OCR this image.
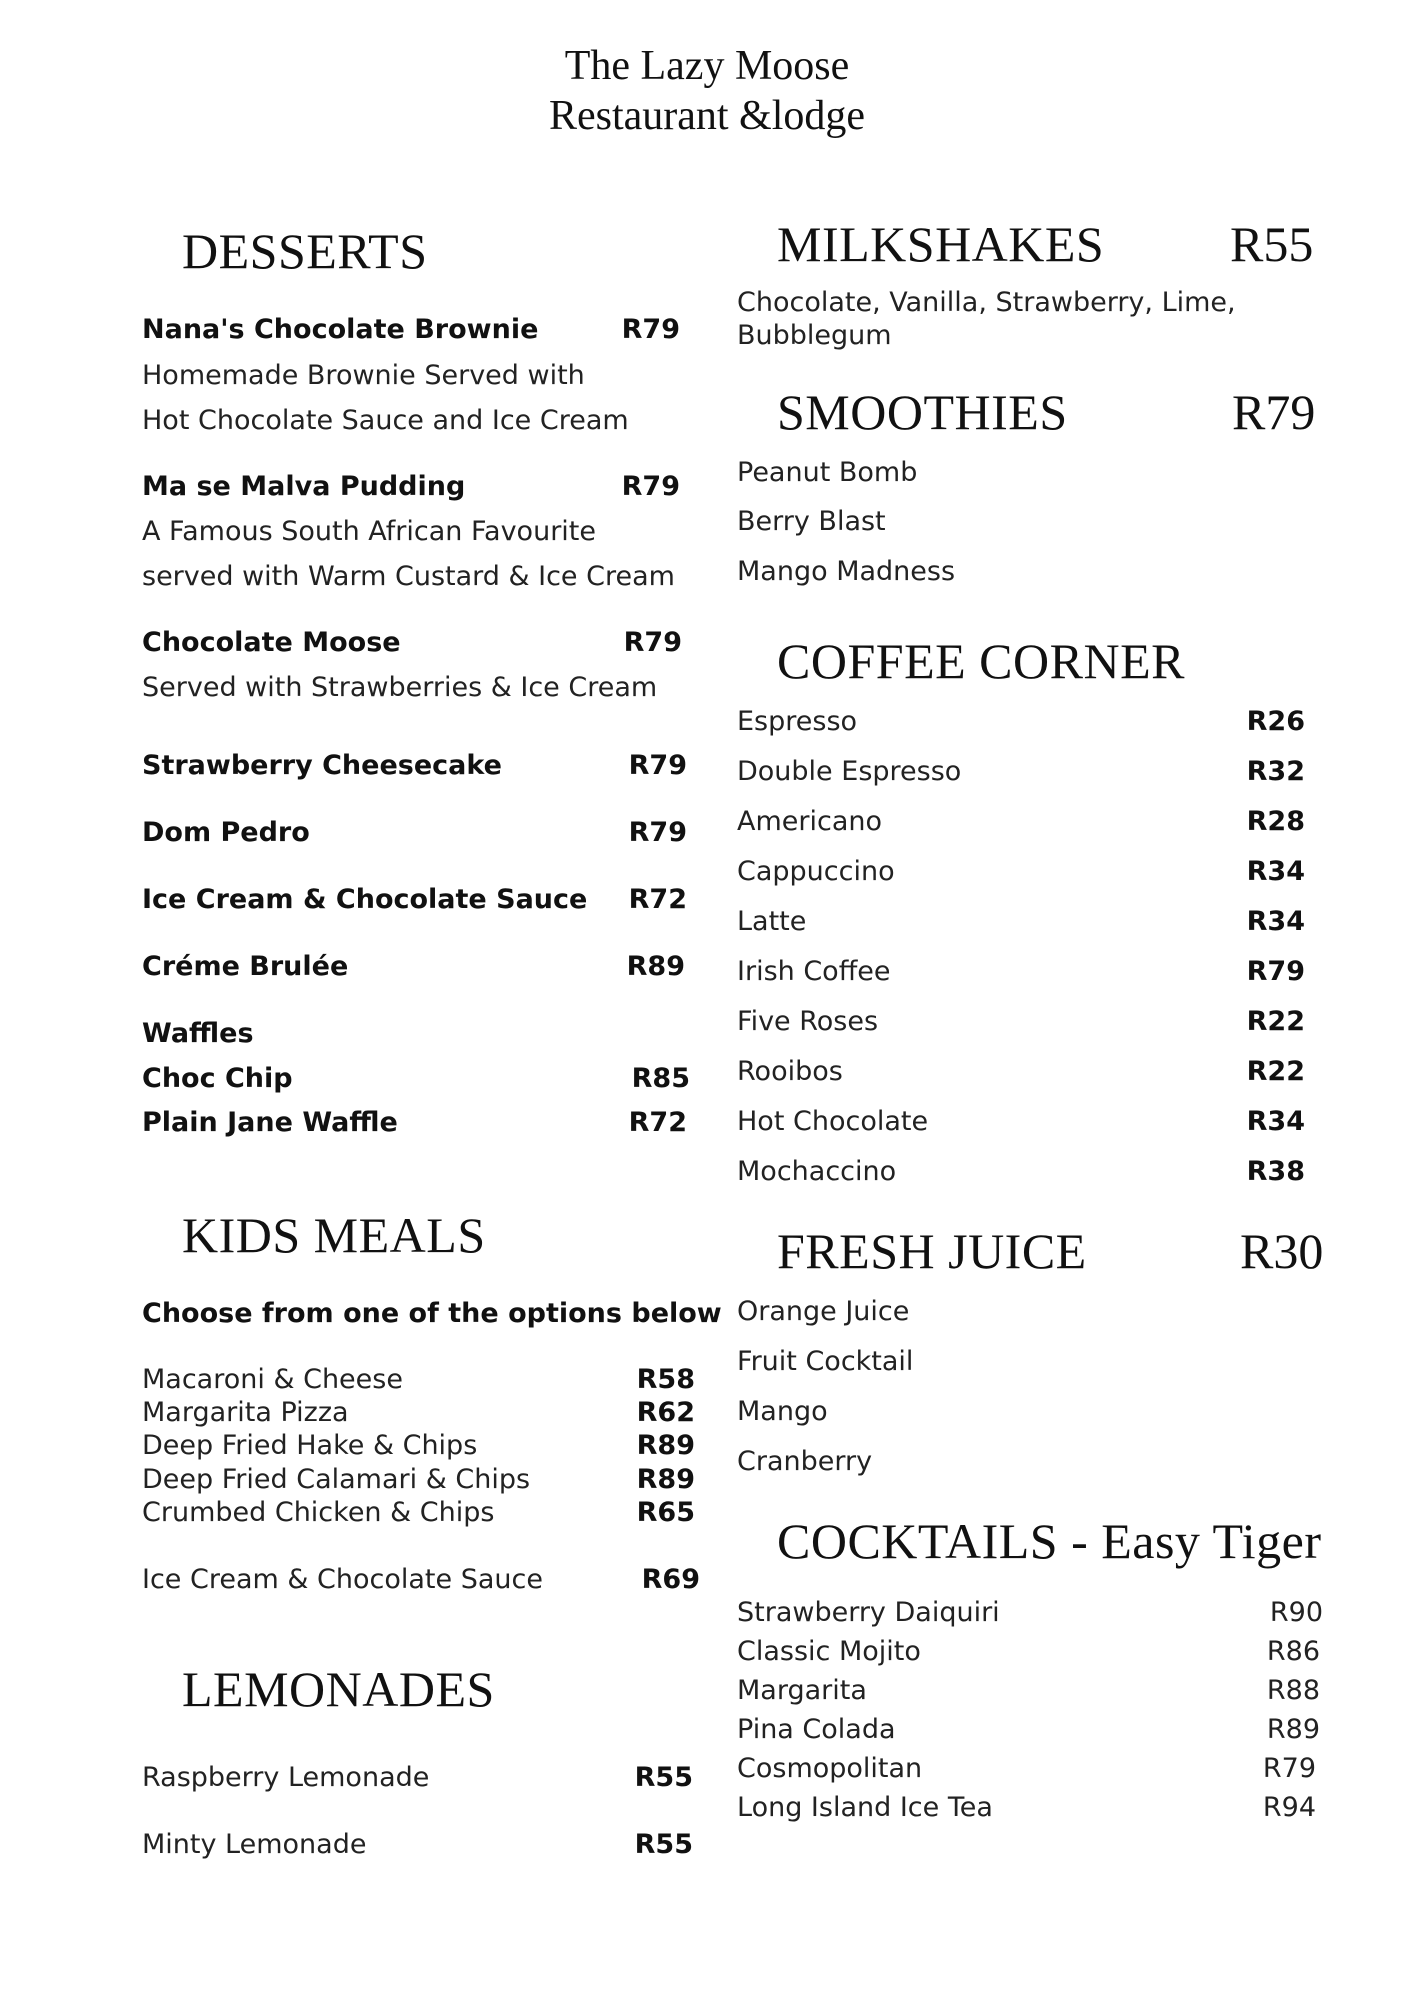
The Lazy Moose
Restaurant &lodge
DESSERTS
Nana's Chocolate Brownie	R79
Homemade Brownie Served with
Hot Chocolate Sauce and Ice Cream
Ma se Malva Pudding	R79
A Famous South African Favourite
served with Warm Custard & Ice Cream
Chocolate Moose	R79
Served with Strawberries & Ice Cream
Strawberry Cheesecake	R79
Dom Pedro	R79
Ice Cream & Chocolate Sauce	R72
Créme Brulée	R89
Waffles
Choc Chip	R85
Plain Jane Waffle	R72
KIDS MEALS
Choose from one of the options below
Macaroni & Cheese	R58
Margarita Pizza	R62
Deep Fried Hake & Chips	R89
Deep Fried Calamari & Chips	R89
Crumbed Chicken & Chips	R65
Ice Cream & Chocolate Sauce	R69
LEMONADES
Raspberry Lemonade	R55
Minty Lemonade	R55
MILKSHAKES	R55
Chocolate, Vanilla, Strawberry, Lime,
Bubblegum
SMOOTHIES	R79
Peanut Bomb
Berry Blast
Mango Madness
COFFEE CORNER
Espresso	R26
Double Espresso	R32
Americano	R28
Cappuccino	R34
Latte	R34
Irish Coffee	R79
Five Roses	R22
Rooibos	R22
Hot Chocolate	R34
Mochaccino	R38
FRESH JUICE	R30
Orange Juice
Fruit Cocktail
Mango
Cranberry
COCKTAILS - Easy Tiger
Strawberry Daiquiri	R90
Classic Mojito	R86
Margarita	R88
Pina Colada	R89
Cosmopolitan	R79
Long Island Ice Tea	R94
